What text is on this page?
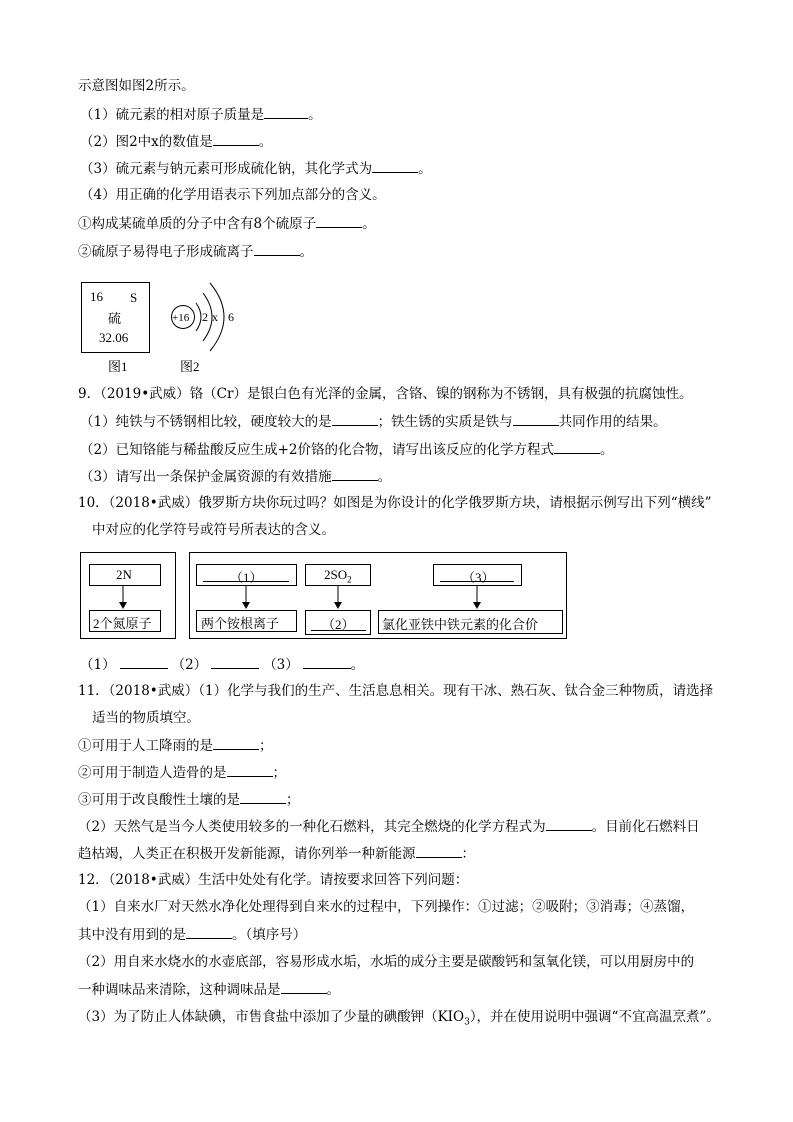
示意图如图2所示。
（1）硫元素的相对原子质量是	。
（2）图2中x的数值是	。
（3）硫元素与钠元素可形成硫化钠，其化学式为	。
（4）用正确的化学用语表示下列加点部分的含义。
①构成某硫单质的分子中含有8个硫原子	。
②硫原子易得电子形成硫离子	。
16 S
硫
32.06
图1
+16 2 x 6
图2
9．（2019•武威）铬（Cr）是银白色有光泽的金属，含铬、镍的钢称为不锈钢，具有极强的抗腐蚀性。
（1）纯铁与不锈钢相比较，硬度较大的是	；铁生锈的实质是铁与	共同作用的结果。
（2）已知铬能与稀盐酸反应生成+2价铬的化合物，请写出该反应的化学方程式	。
（3）请写出一条保护金属资源的有效措施	。
10．（2018•武威）俄罗斯方块你玩过吗？如图是为你设计的化学俄罗斯方块，请根据示例写出下列“横线”
中对应的化学符号或符号所表达的含义。
2N
2个氮原子
（1）
两个铵根离子
$2SO_2$
（2）
（3）
氯化亚铁中铁元素的化合价
（1）	（2）	（3）	。
11．（2018•武威）（1）化学与我们的生产、生活息息相关。现有干冰、熟石灰、钛合金三种物质，请选择
适当的物质填空。
①可用于人工降雨的是	；
②可用于制造人造骨的是	；
③可用于改良酸性土壤的是	；
（2）天然气是当今人类使用较多的一种化石燃料，其完全燃烧的化学方程式为	。目前化石燃料日
趋枯竭，人类正在积极开发新能源，请你列举一种新能源	：
12．（2018•武威）生活中处处有化学。请按要求回答下列问题：
（1）自来水厂对天然水净化处理得到自来水的过程中，下列操作：①过滤；②吸附；③消毒；④蒸馏，
其中没有用到的是	。（填序号）
（2）用自来水烧水的水壶底部，容易形成水垢，水垢的成分主要是碳酸钙和氢氧化镁，可以用厨房中的
一种调味品来清除，这种调味品是	。
（3）为了防止人体缺碘，市售食盐中添加了少量的碘酸钾$(KIO_3)$，并在使用说明中强调“不宜高温烹煮”。
